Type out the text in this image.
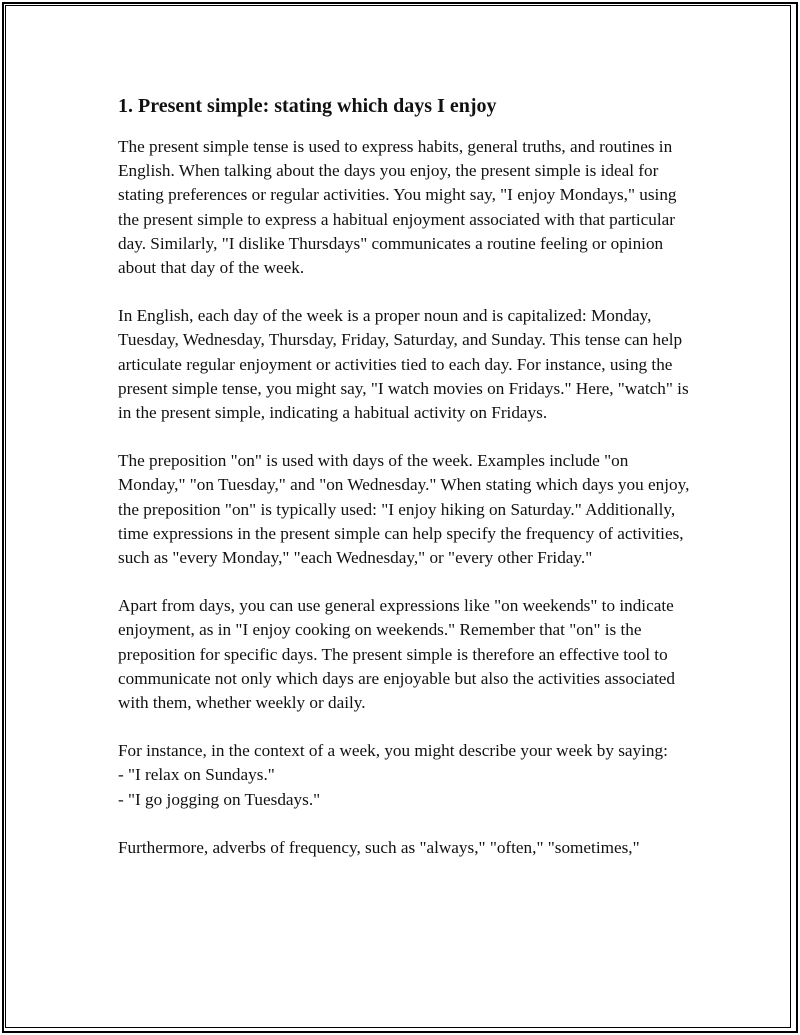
1. Present simple: stating which days I enjoy

The present simple tense is used to express habits, general truths, and routines in English. When talking about the days you enjoy, the present simple is ideal for stating preferences or regular activities. You might say, "I enjoy Mondays," using the present simple to express a habitual enjoyment associated with that particular day. Similarly, "I dislike Thursdays" communicates a routine feeling or opinion about that day of the week.

In English, each day of the week is a proper noun and is capitalized: Monday, Tuesday, Wednesday, Thursday, Friday, Saturday, and Sunday. This tense can help articulate regular enjoyment or activities tied to each day. For instance, using the present simple tense, you might say, "I watch movies on Fridays." Here, "watch" is in the present simple, indicating a habitual activity on Fridays.

The preposition "on" is used with days of the week. Examples include "on Monday," "on Tuesday," and "on Wednesday." When stating which days you enjoy, the preposition "on" is typically used: "I enjoy hiking on Saturday." Additionally, time expressions in the present simple can help specify the frequency of activities, such as "every Monday," "each Wednesday," or "every other Friday."

Apart from days, you can use general expressions like "on weekends" to indicate enjoyment, as in "I enjoy cooking on weekends." Remember that "on" is the preposition for specific days. The present simple is therefore an effective tool to communicate not only which days are enjoyable but also the activities associated with them, whether weekly or daily.

For instance, in the context of a week, you might describe your week by saying:
- "I relax on Sundays."
- "I go jogging on Tuesdays."

Furthermore, adverbs of frequency, such as "always," "often," "sometimes,"
